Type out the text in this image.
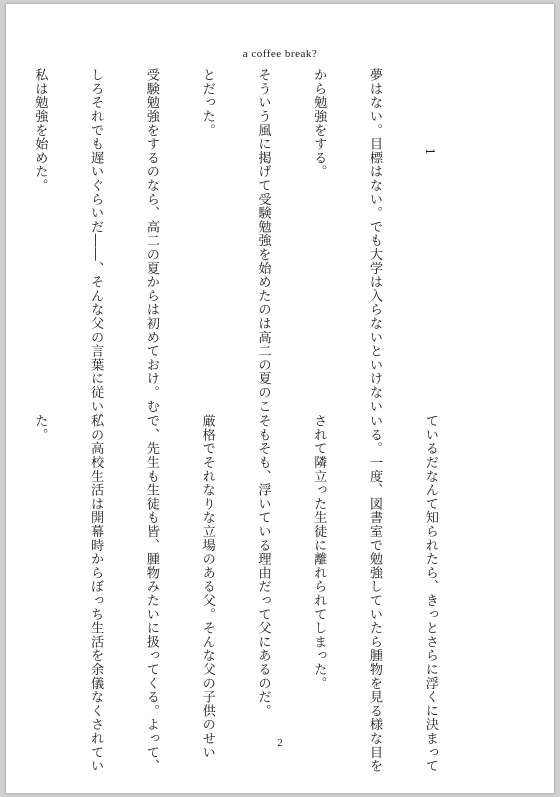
a coffee break?

1

夢はない。目標はない。でも大学は入らないといけない

から勉強をする。

そういう風に掲げて受験勉強を始めたのは高二の夏のこ

とだった。

受験勉強をするのなら、高二の夏からは初めておけ。む

しろそれでも遅いぐらいだ――、そんな父の言葉に従い、

私は勉強を始めた。

ているだなんて知られたら、きっとさらに浮くに決まって

いる。一度、図書室で勉強していたら腫物を見る様な目を

されて隣立った生徒に離れられてしまった。

そもそも、浮いている理由だって父にあるのだ。

厳格でそれなりな立場のある父。そんな父の子供のせい

で、先生も生徒も皆、腫物みたいに扱ってくる。よって、

私の高校生活は開幕時からぼっち生活を余儀なくされてい

た。

2
